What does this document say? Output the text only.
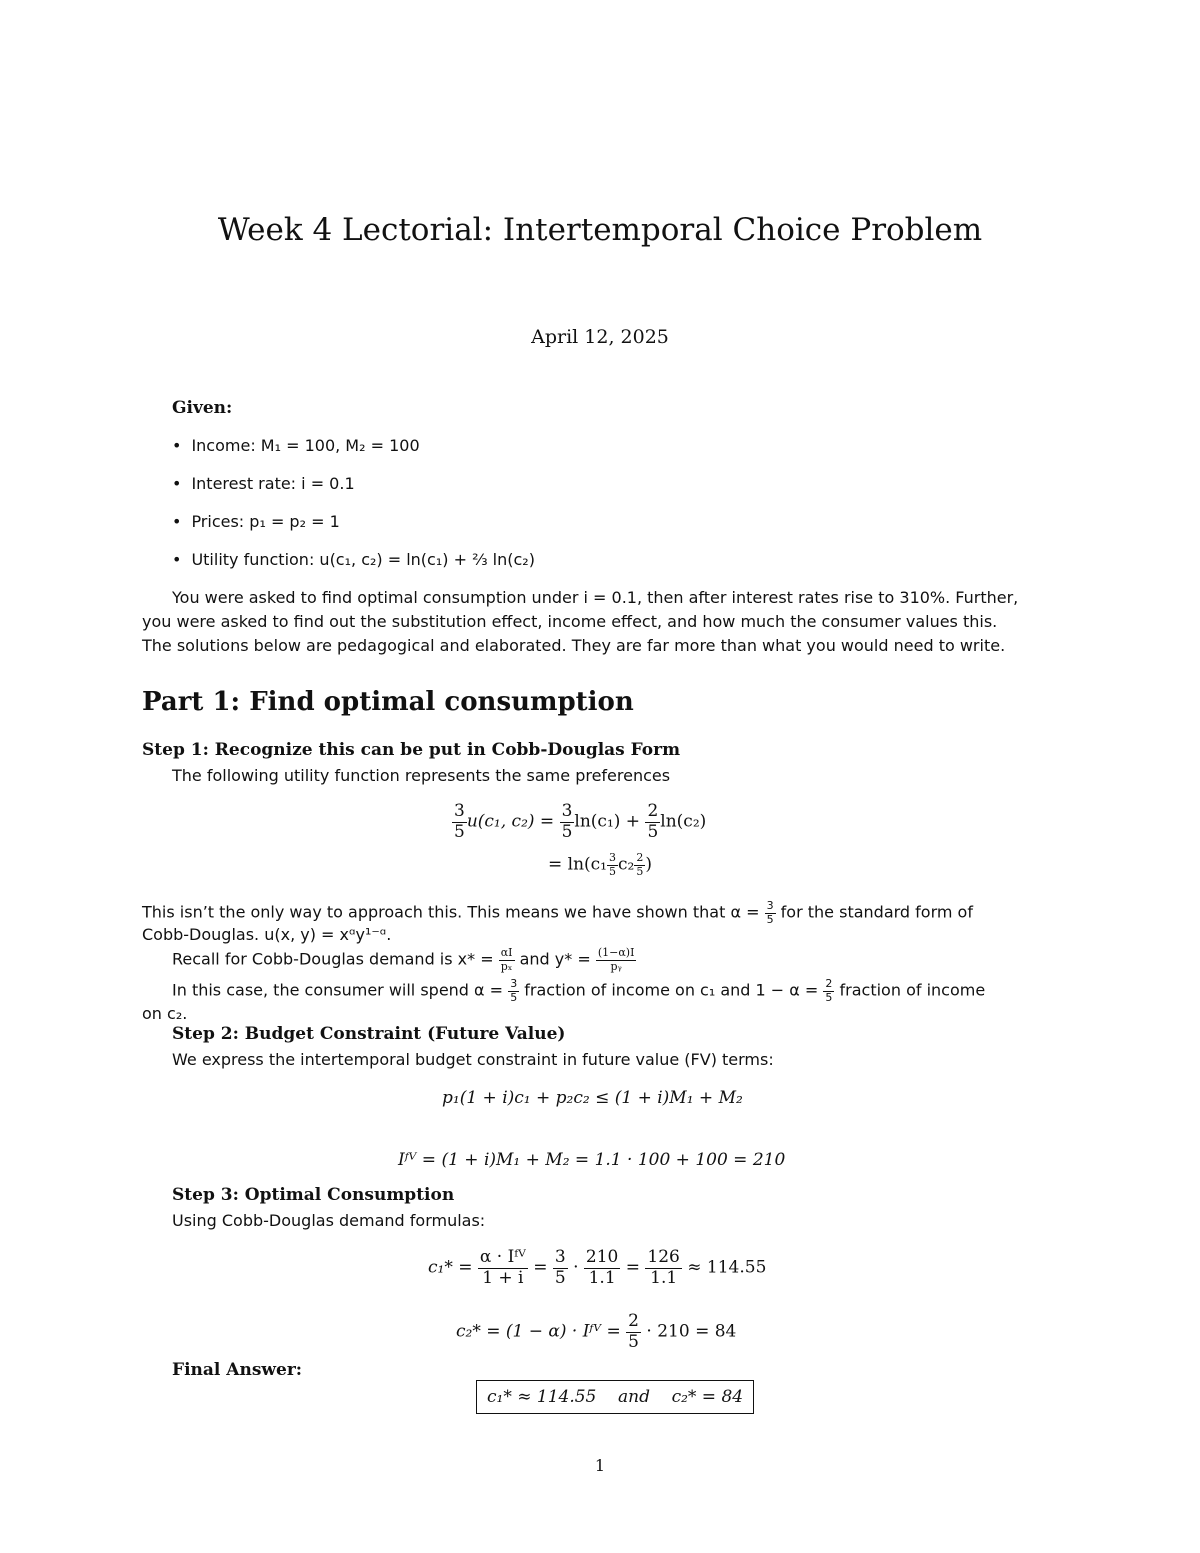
Week 4 Lectorial: Intertemporal Choice Problem
April 12, 2025
Given:
• Income: M₁ = 100, M₂ = 100
• Interest rate: i = 0.1
• Prices: p₁ = p₂ = 1
• Utility function: u(c₁, c₂) = ln(c₁) + ⅔ ln(c₂)
You were asked to find optimal consumption under i = 0.1, then after interest rates rise to 310%. Further,
you were asked to find out the substitution effect, income effect, and how much the consumer values this.
The solutions below are pedagogical and elaborated. They are far more than what you would need to write.
Part 1: Find optimal consumption
Step 1: Recognize this can be put in Cobb-Douglas Form
The following utility function represents the same preferences
$\frac{3}{5} u(c_1$, $c_2) = \frac{3}{5} \ln(c_1) + \frac{2}{5} \ln(c_2)$
= $\ln(c_1 \frac{3}{5} c_2 \frac{2}{5}$ )
This isn’t the only way to approach this. This means we have shown that $\alpha = \frac{3}{5}$ for the standard form of
Cobb-Douglas. u(x, y) = xᵅy¹⁻ᵅ.
Recall for Cobb-Douglas demand is $x* = \frac{\alpha I}{\text{pₓ}}$ and $y* = \frac{(1-\alpha)I}{\text{pᵧ}}$
In this case, the consumer will spend $\alpha = \frac{3}{5}$ fraction of income on c₁ and $1 - \alpha = \frac{2}{5}$ fraction of income
on c₂.
Step 2: Budget Constraint (Future Value)
We express the intertemporal budget constraint in future value (FV) terms:
p₁(1 + i)c₁ + p₂c₂ ≤ (1 + i)M₁ + M₂
Iᶠⱽ = (1 + i)M₁ + M₂ = 1.1 · 100 + 100 = 210
Step 3: Optimal Consumption
Using Cobb-Douglas demand formulas:
$c_1* = \frac{\text{α · Iᶠⱽ}}{1 + i} = \frac{3}{5} \cdot \frac{210}{1.1} = \frac{126}{1.1} \approx 114.55$
c₂* = (1 − α) · Iᶠⱽ = $\frac{2}{5} \cdot 210 = 84$
Final Answer:
c₁* ≈ 114.55    and    c₂* = 84
1
